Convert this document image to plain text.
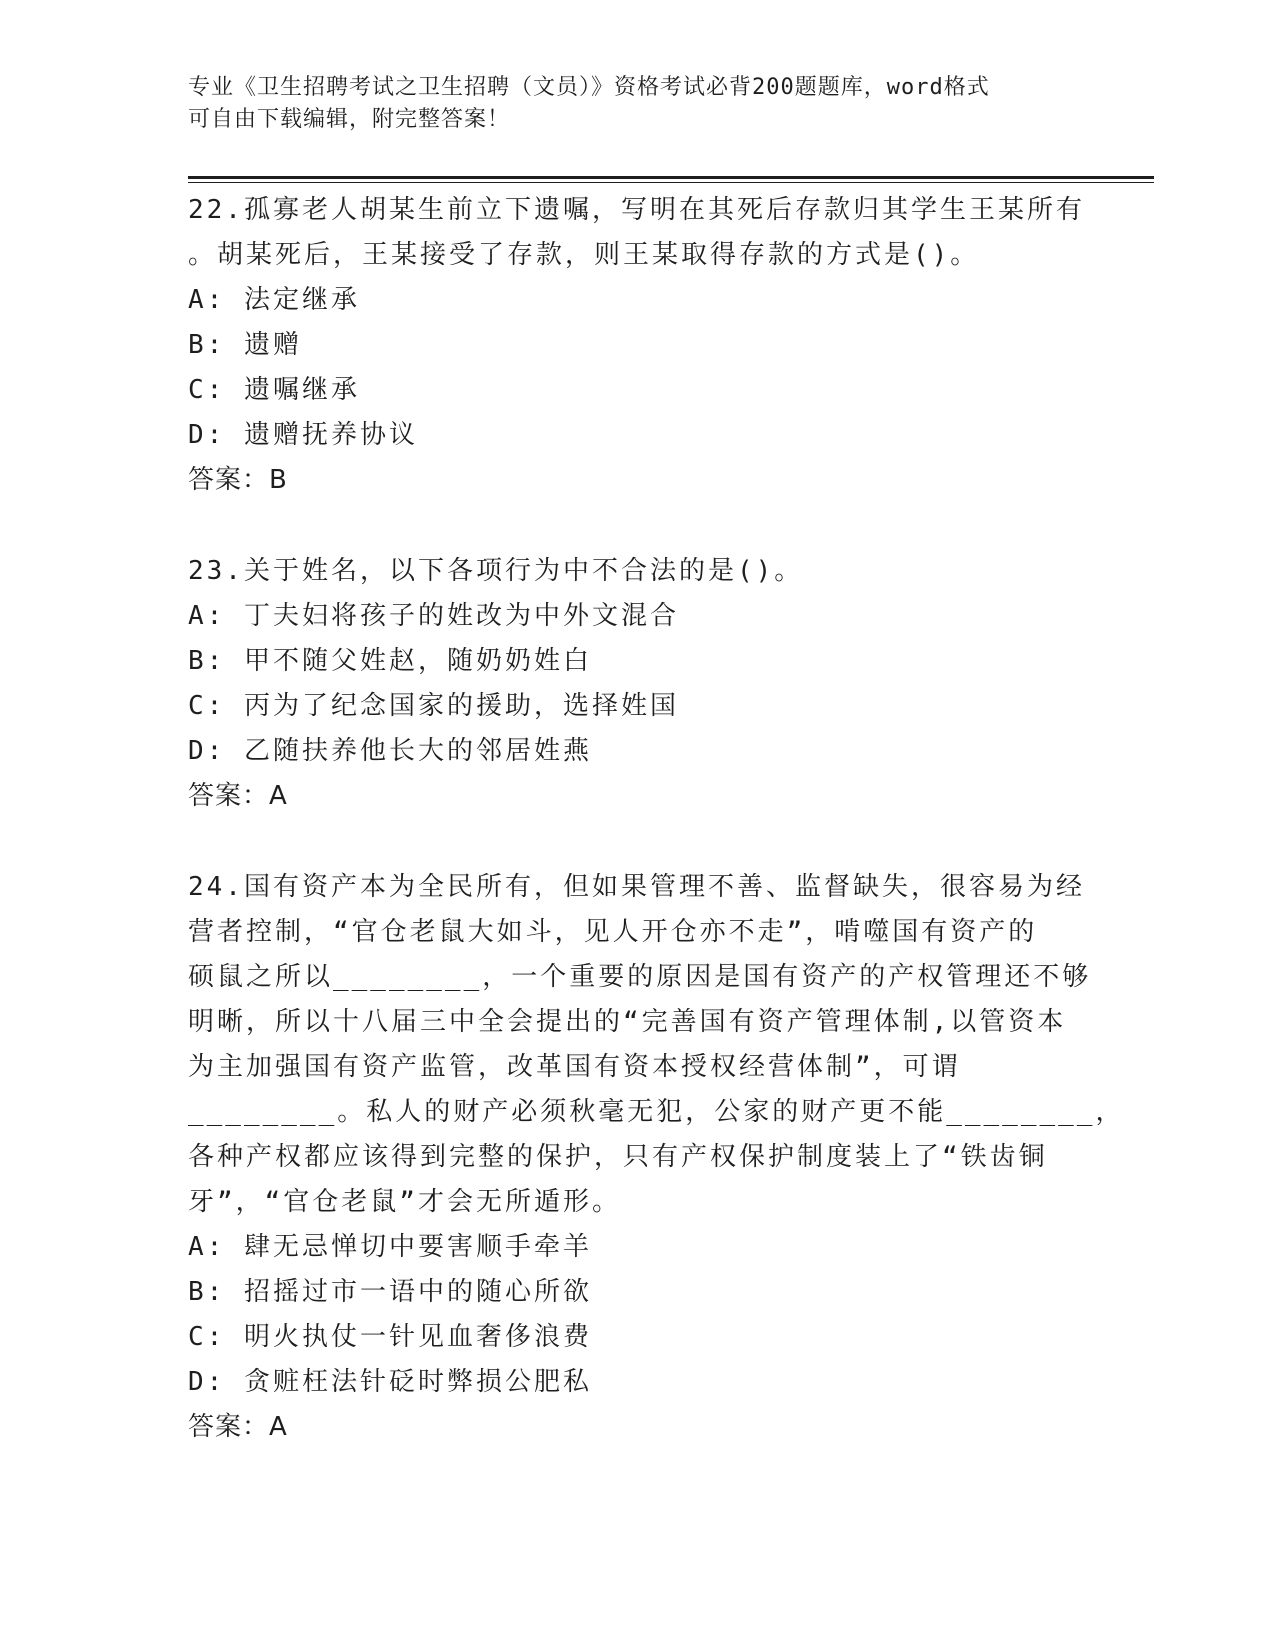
专业《卫生招聘考试之卫生招聘（文员）》资格考试必背200题题库，word格式
可自由下载编辑，附完整答案！
22.孤寡老人胡某生前立下遗嘱，写明在其死后存款归其学生王某所有
。胡某死后，王某接受了存款，则王某取得存款的方式是()。
A: 法定继承
B: 遗赠
C: 遗嘱继承
D: 遗赠抚养协议
答案：B
23.关于姓名，以下各项行为中不合法的是()。
A: 丁夫妇将孩子的姓改为中外文混合
B: 甲不随父姓赵，随奶奶姓白
C: 丙为了纪念国家的援助，选择姓国
D: 乙随扶养他长大的邻居姓燕
答案：A
24.国有资产本为全民所有，但如果管理不善、监督缺失，很容易为经
营者控制，“官仓老鼠大如斗，见人开仓亦不走”，啃噬国有资产的
硕鼠之所以________，一个重要的原因是国有资产的产权管理还不够
明晰，所以十八届三中全会提出的“完善国有资产管理体制,以管资本
为主加强国有资产监管，改革国有资本授权经营体制”，可谓
________。私人的财产必须秋毫无犯，公家的财产更不能________，
各种产权都应该得到完整的保护，只有产权保护制度装上了“铁齿铜
牙”，“官仓老鼠”才会无所遁形。
A: 肆无忌惮切中要害顺手牵羊
B: 招摇过市一语中的随心所欲
C: 明火执仗一针见血奢侈浪费
D: 贪赃枉法针砭时弊损公肥私
答案：A
